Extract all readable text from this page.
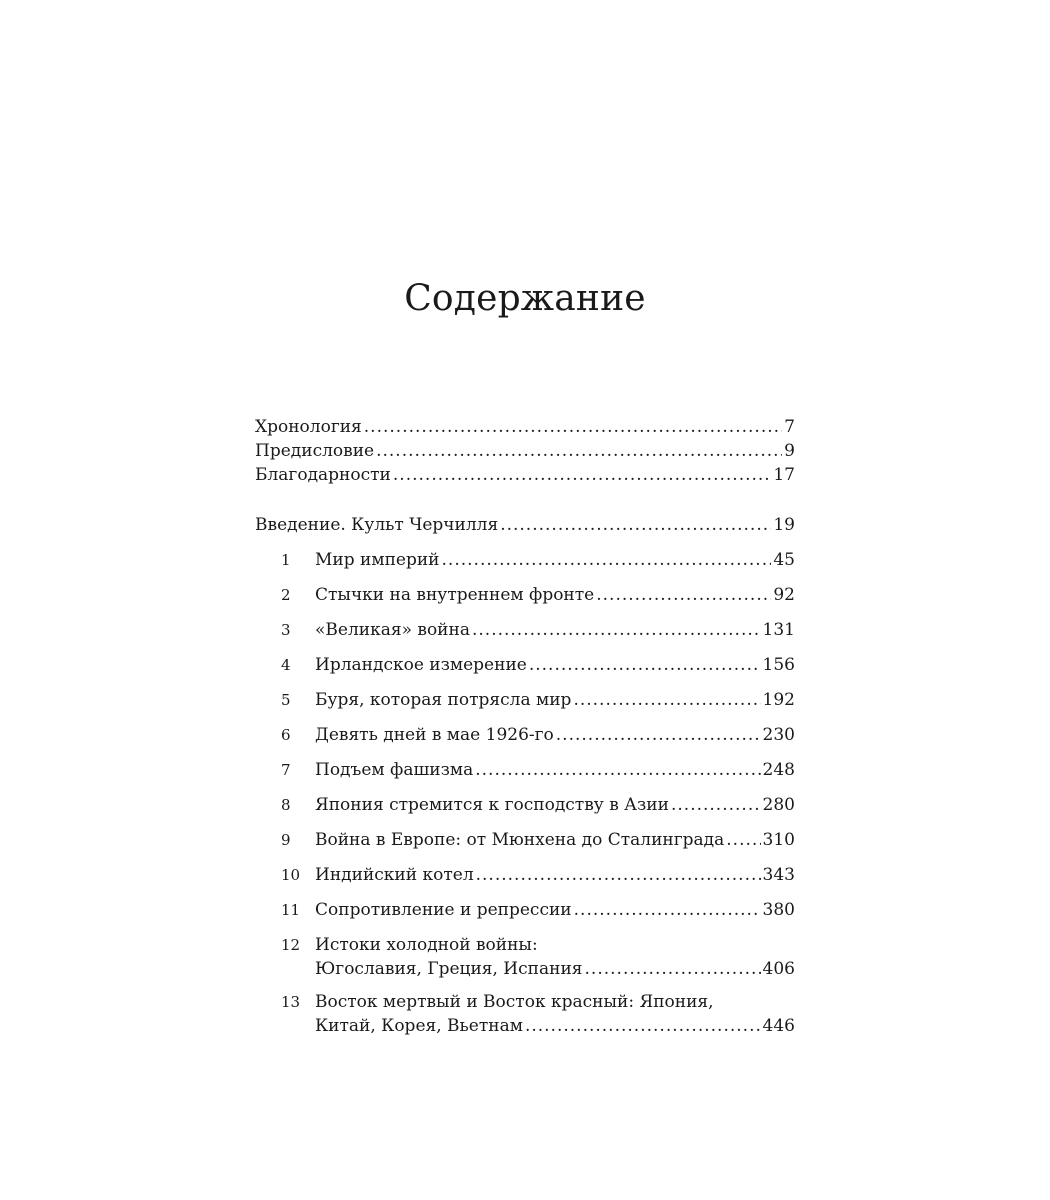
Содержание
Хронология .....	7
Предисловие .....	9
Благодарности .....	17
Введение. Культ Черчилля .....	19
1	Мир империй .....	45
2	Стычки на внутреннем фронте .....	92
3	«Великая» война .....	131
4	Ирландское измерение .....	156
5	Буря, которая потрясла мир .....	192
6	Девять дней в мае 1926-го .....	230
7	Подъем фашизма .....	248
8	Япония стремится к господству в Азии .....	280
9	Война в Европе: от Мюнхена до Сталинграда ..... 310
10 Индийский котел .....	343
11 Сопротивление и репрессии .....	380
12 Истоки холодной войны:
Югославия, Греция, Испания .....	406
13 Восток мертвый и Восток красный: Япония,
Китай, Корея, Вьетнам .....	446
